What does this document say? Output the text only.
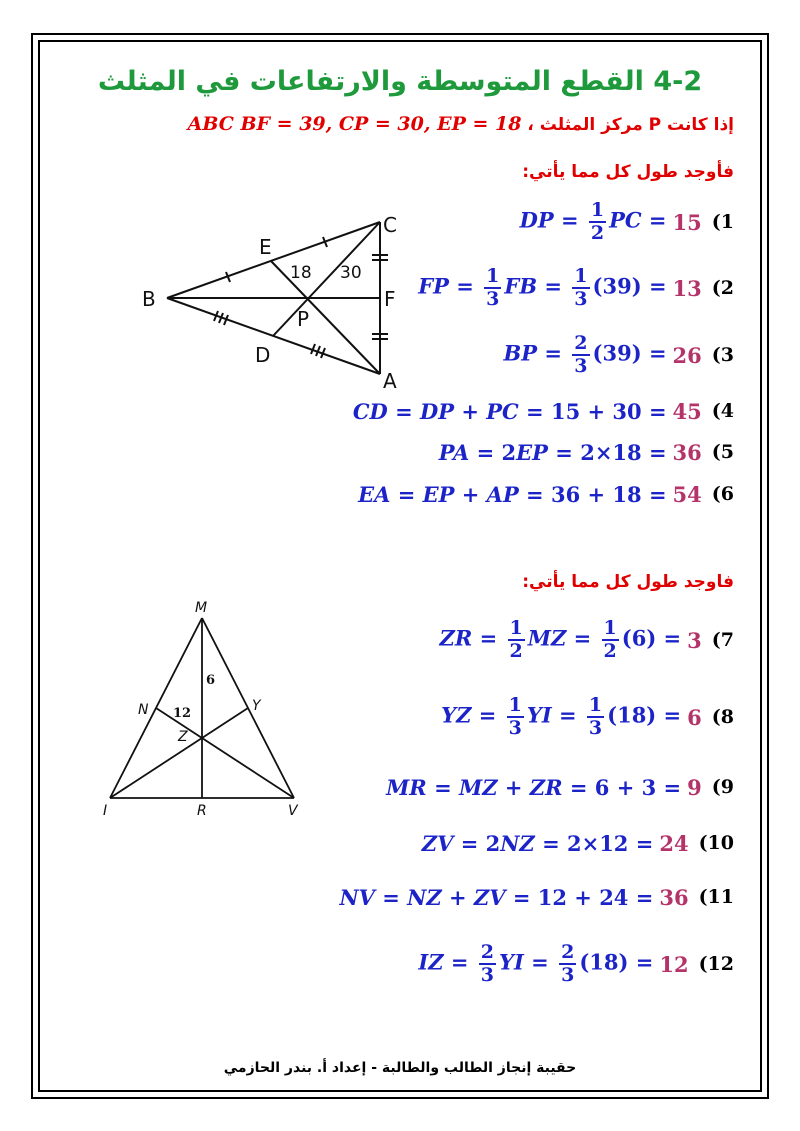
4-2 القطع المتوسطة والارتفاعات في المثلث
إذا كانت P مركز المثلث ، ABC BF = 39, CP = 30, EP = 18
فأوجد طول كل مما يأتي:
B
C
E
F
P
D
A
18 30
DP = $\frac{1}{2}$ PC = 15 (1
FP = $\frac{1}{3}$ FB = $\frac{1}{3} (39) = 13$ (2
BP = $\frac{2}{3} (39) = 26$ (3
CD = DP + PC = 15 + 30 = 45 (4
PA = 2EP = 2×18 = 36 (5
EA = EP + AP = 36 + 18 = 54 (6
فاوجد طول كل مما يأتي:
M
N	Y
Z
I	R	V
6
12
ZR = $\frac{1}{2}$ MZ = $\frac{1}{2} (6) = 3$ (7
YZ = $\frac{1}{3}$ YI = $\frac{1}{3} (18) = 6$ (8
MR = MZ + ZR = 6 + 3 = 9 (9
ZV = 2NZ = 2×12 = 24 (10
NV = NZ + ZV = 12 + 24 = 36 (11
IZ = $\frac{2}{3}$ YI = $\frac{2}{3} (18) = 12$ (12
حقيبة إنجاز الطالب والطالبة - إعداد أ. بندر الحازمي
